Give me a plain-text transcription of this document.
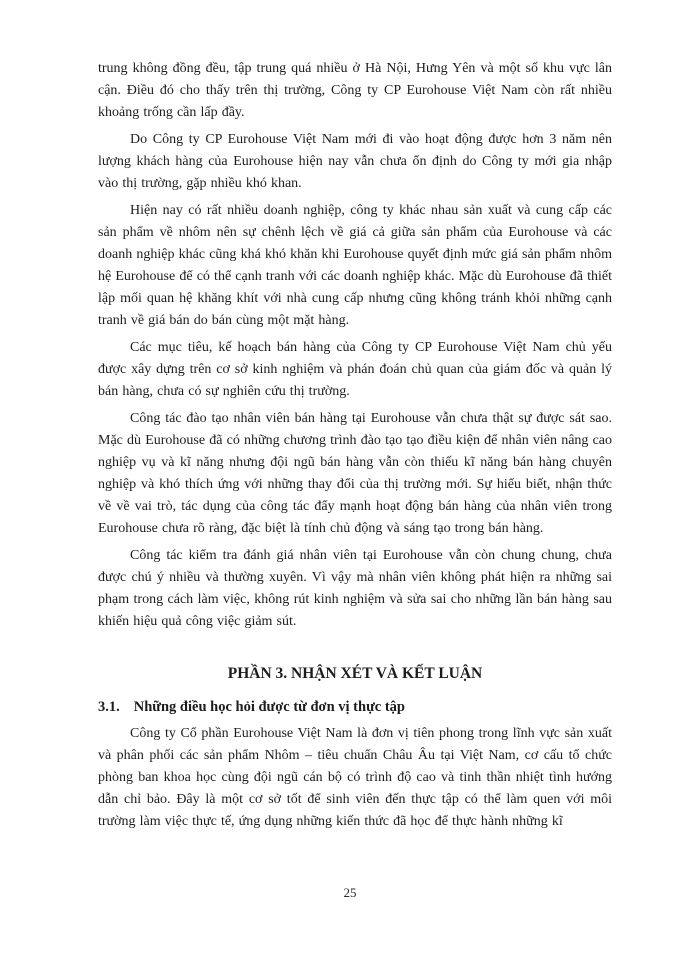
trung không đồng đều, tập trung quá nhiều ở Hà Nội, Hưng Yên và một số khu vực lân cận. Điều đó cho thấy trên thị trường, Công ty CP Eurohouse Việt Nam còn rất nhiều khoảng trống cần lấp đầy.

Do Công ty CP Eurohouse Việt Nam mới đi vào hoạt động được hơn 3 năm nên lượng khách hàng của Eurohouse hiện nay vẫn chưa ổn định do Công ty mới gia nhập vào thị trường, gặp nhiều khó khan.

Hiện nay có rất nhiều doanh nghiệp, công ty khác nhau sản xuất và cung cấp các sản phẩm về nhôm nên sự chênh lệch về giá cả giữa sản phẩm của Eurohouse và các doanh nghiệp khác cũng khá khó khăn khi Eurohouse quyết định mức giá sản phẩm nhôm hệ Eurohouse để có thể cạnh tranh với các doanh nghiệp khác. Mặc dù Eurohouse đã thiết lập mối quan hệ khăng khít với nhà cung cấp nhưng cũng không tránh khỏi những cạnh tranh về giá bán do bán cùng một mặt hàng.

Các mục tiêu, kế hoạch bán hàng của Công ty CP Eurohouse Việt Nam chủ yếu được xây dựng trên cơ sở kinh nghiệm và phán đoán chủ quan của giám đốc và quản lý bán hàng, chưa có sự nghiên cứu thị trường.

Công tác đào tạo nhân viên bán hàng tại Eurohouse vẫn chưa thật sự được sát sao. Mặc dù Eurohouse đã có những chương trình đào tạo tạo điều kiện để nhân viên nâng cao nghiệp vụ và kĩ năng nhưng đội ngũ bán hàng vẫn còn thiếu kĩ năng bán hàng chuyên nghiệp và khó thích ứng với những thay đổi của thị trường mới. Sự hiểu biết, nhận thức về về vai trò, tác dụng của công tác đẩy mạnh hoạt động bán hàng của nhân viên trong Eurohouse chưa rõ ràng, đặc biệt là tính chủ động và sáng tạo trong bán hàng.

Công tác kiểm tra đánh giá nhân viên tại Eurohouse vẫn còn chung chung, chưa được chú ý nhiều và thường xuyên. Vì vậy mà nhân viên không phát hiện ra những sai phạm trong cách làm việc, không rút kinh nghiệm và sửa sai cho những lần bán hàng sau khiến hiệu quả công việc giảm sút.

PHẦN 3. NHẬN XÉT VÀ KẾT LUẬN
3.1. Những điều học hỏi được từ đơn vị thực tập

Công ty Cổ phần Eurohouse Việt Nam là đơn vị tiên phong trong lĩnh vực sản xuất và phân phối các sản phẩm Nhôm – tiêu chuẩn Châu Âu tại Việt Nam, cơ cấu tổ chức phòng ban khoa học cùng đội ngũ cán bộ có trình độ cao và tinh thần nhiệt tình hướng dẫn chỉ bảo. Đây là một cơ sở tốt để sinh viên đến thực tập có thể làm quen với môi trường làm việc thực tế, ứng dụng những kiến thức đã học để thực hành những kĩ

25
